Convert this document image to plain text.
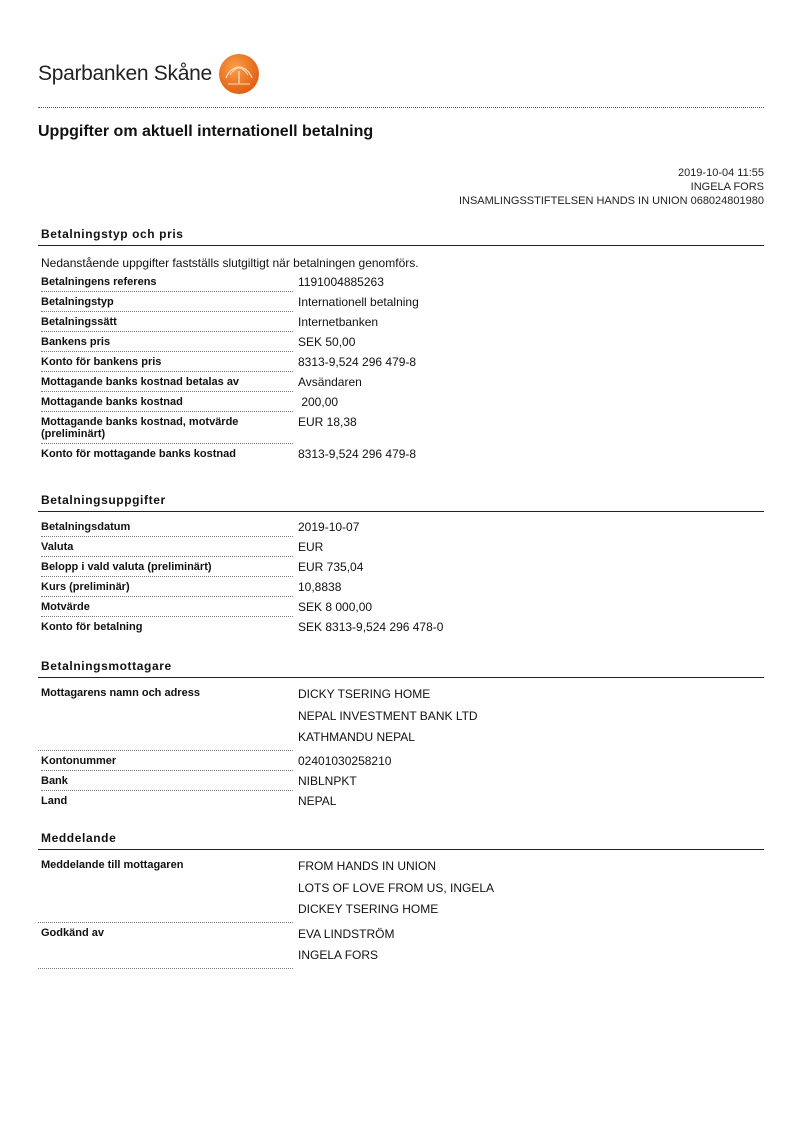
Sparbanken Skåne
Uppgifter om aktuell internationell betalning
2019-10-04 11:55
INGELA FORS
INSAMLINGSSTIFTELSEN HANDS IN UNION 068024801980
Betalningstyp och pris
Nedanstående uppgifter fastställs slutgiltigt när betalningen genomförs.
Betalningens referens	1191004885263

Betalningstyp	Internationell betalning

Betalningssätt	Internetbanken

Bankens pris	SEK 50,00

Konto för bankens pris	8313-9,524 296 479-8

Mottagande banks kostnad betalas av	Avsändaren

Mottagande banks kostnad	200,00

Mottagande banks kostnad, motvärde (preliminärt)	EUR 18,38

Konto för mottagande banks kostnad	8313-9,524 296 479-8
Betalningsuppgifter
Betalningsdatum	2019-10-07

Valuta	EUR

Belopp i vald valuta (preliminärt)	EUR 735,04

Kurs (preliminär)	10,8838

Motvärde	SEK 8 000,00

Konto för betalning	SEK 8313-9,524 296 478-0
Betalningsmottagare
Mottagarens namn och adress	DICKY TSERING HOME
NEPAL INVESTMENT BANK LTD
KATHMANDU NEPAL

Kontonummer	02401030258210

Bank	NIBLNPKT

Land	NEPAL
Meddelande
Meddelande till mottagaren	FROM HANDS IN UNION
LOTS OF LOVE FROM US, INGELA
DICKEY TSERING HOME

Godkänd av	EVA LINDSTRÖM
INGELA FORS
